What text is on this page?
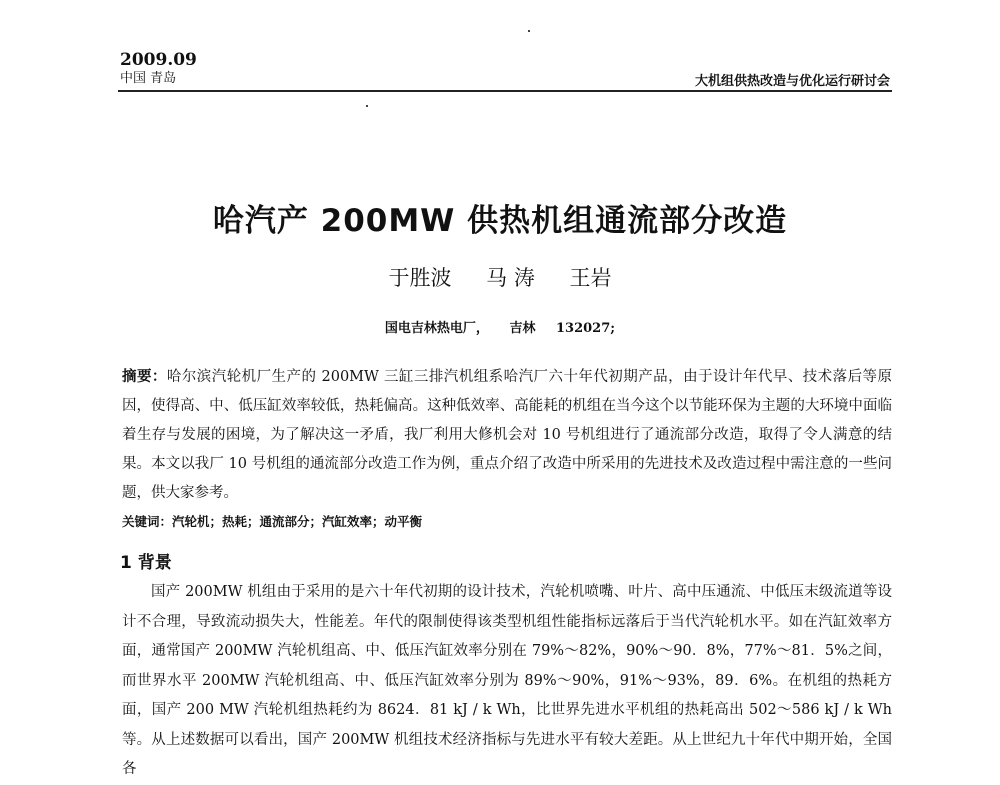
2009.09

中国 青岛	大机组供热改造与优化运行研讨会
哈汽产 200MW 供热机组通流部分改造
于胜波 马 涛 王岩
国电吉林热电厂， 吉林 132027;

摘要：哈尔滨汽轮机厂生产的 200MW 三缸三排汽机组系哈汽厂六十年代初期产品，由于设计年代早、技术落后等原因，使得高、中、低压缸效率较低，热耗偏高。这种低效率、高能耗的机组在当今这个以节能环保为主题的大环境中面临着生存与发展的困境，为了解决这一矛盾，我厂利用大修机会对 10 号机组进行了通流部分改造，取得了令人满意的结果。本文以我厂 10 号机组的通流部分改造工作为例，重点介绍了改造中所采用的先进技术及改造过程中需注意的一些问题，供大家参考。

关键词：汽轮机；热耗；通流部分；汽缸效率；动平衡
1 背景

国产 200MW 机组由于采用的是六十年代初期的设计技术，汽轮机喷嘴、叶片、高中压通流、中低压末级流道等设计不合理，导致流动损失大，性能差。年代的限制使得该类型机组性能指标远落后于当代汽轮机水平。如在汽缸效率方面，通常国产 200MW 汽轮机组高、中、低压汽缸效率分别在 79%～82%，90%～90．8%，77%～81．5%之间，而世界水平 200MW 汽轮机组高、中、低压汽缸效率分别为 89%～90%，91%～93%，89．6%。在机组的热耗方面，国产 200 MW 汽轮机组热耗约为 8624．81 kJ / k Wh，比世界先进水平机组的热耗高出 502～586 kJ / k Wh 等。从上述数据可以看出，国产 200MW 机组技术经济指标与先进水平有较大差距。从上世纪九十年代中期开始，全国各
